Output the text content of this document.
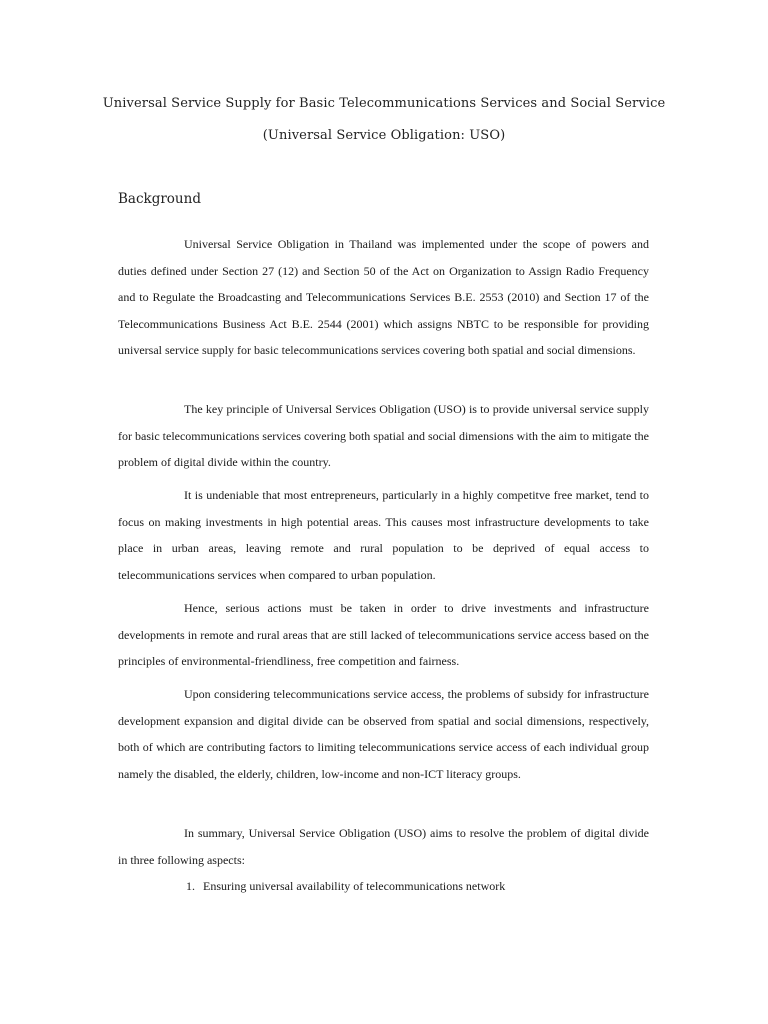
Universal Service Supply for Basic Telecommunications Services and Social Service
(Universal Service Obligation: USO)
Background

Universal Service Obligation in Thailand was implemented under the scope of powers and duties defined under Section 27 (12) and Section 50 of the Act on Organization to Assign Radio Frequency and to Regulate the Broadcasting and Telecommunications Services B.E. 2553 (2010) and Section 17 of the Telecommunications Business Act B.E. 2544 (2001) which assigns NBTC to be responsible for providing universal service supply for basic telecommunications services covering both spatial and social dimensions.

The key principle of Universal Services Obligation (USO) is to provide universal service supply for basic telecommunications services covering both spatial and social dimensions with the aim to mitigate the problem of digital divide within the country.

It is undeniable that most entrepreneurs, particularly in a highly competitve free market, tend to focus on making investments in high potential areas. This causes most infrastructure developments to take place in urban areas, leaving remote and rural population to be deprived of equal access to telecommunications services when compared to urban population.

Hence, serious actions must be taken in order to drive investments and infrastructure developments in remote and rural areas that are still lacked of telecommunications service access based on the principles of environmental-friendliness, free competition and fairness.

Upon considering telecommunications service access, the problems of subsidy for infrastructure development expansion and digital divide can be observed from spatial and social dimensions, respectively, both of which are contributing factors to limiting telecommunications service access of each individual group namely the disabled, the elderly, children, low-income and non-ICT literacy groups.

In summary, Universal Service Obligation (USO) aims to resolve the problem of digital divide in three following aspects:

1. Ensuring universal availability of telecommunications network
